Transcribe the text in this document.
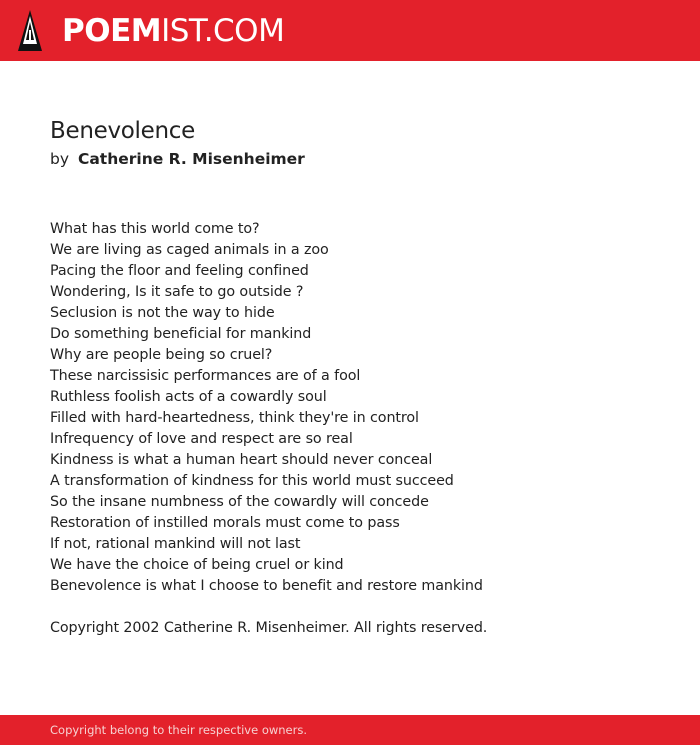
POEMIST.COM
Benevolence
by Catherine R. Misenheimer
What has this world come to?
We are living as caged animals in a zoo
Pacing the floor and feeling confined
Wondering, Is it safe to go outside ?
Seclusion is not the way to hide
Do something beneficial for mankind
Why are people being so cruel?
These narcissisic performances are of a fool
Ruthless foolish acts of a cowardly soul
Filled with hard-heartedness, think they're in control
Infrequency of love and respect are so real
Kindness is what a human heart should never conceal
A transformation of kindness for this world must succeed
So the insane numbness of the cowardly will concede
Restoration of instilled morals must come to pass
If not, rational mankind will not last
We have the choice of being cruel or kind
Benevolence is what I choose to benefit and restore mankind
Copyright 2002 Catherine R. Misenheimer. All rights reserved.
Copyright belong to their respective owners.
